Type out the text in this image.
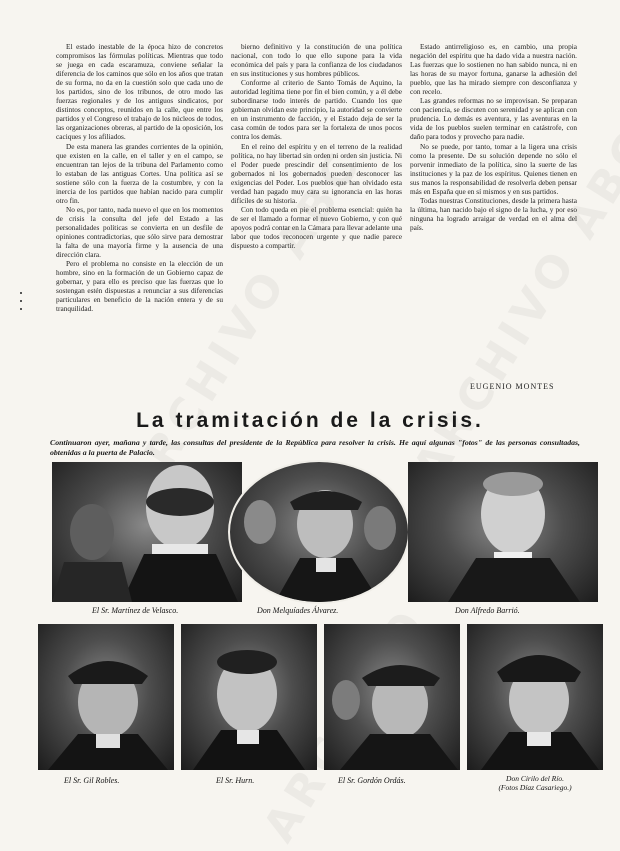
El estado inestable de la época hizo de concretos compromisos las fórmulas políticas. Mientras que todo se juega en cada escaramuza, conviene señalar la diferencia de los caminos que sólo en los años que tratan de su forma, no da en la cuestión solo que cada uno de los partidos, sino de los tribunos, de otro modo las fuerzas regionales y de los antiguos sindicatos, por distintos conceptos, reunidos en la calle, que entre los partidos y el Congreso el trabajo de los núcleos de todos, las organizaciones obreras, al partido de la oposición, los caciques y los afiliados.

De esta manera las grandes corrientes de la opinión, que existen en la calle, en el taller y en el campo, se encuentran tan lejos de la tribuna del Parlamento como lo estaban de las antiguas Cortes. Una política así se sostiene sólo con la fuerza de la costumbre, y con la inercia de los partidos que habían nacido para cumplir otro fin.

No es, por tanto, nada nuevo el que en los momentos de crisis la consulta del jefe del Estado a las personalidades políticas se convierta en un desfile de opiniones contradictorias, que sólo sirve para demostrar la falta de una mayoría firme y la ausencia de una dirección clara.

Pero el problema no consiste en la elección de un hombre, sino en la formación de un Gobierno capaz de gobernar, y para ello es preciso que las fuerzas que lo sostengan estén dispuestas a renunciar a sus diferencias particulares en beneficio de la nación entera y de su tranquilidad.

bierno definitivo y la constitución de una política nacional, con todo lo que ello supone para la vida económica del país y para la confianza de los ciudadanos en sus instituciones y sus hombres públicos.

Conforme al criterio de Santo Tomás de Aquino, la autoridad legítima tiene por fin el bien común, y a él debe subordinarse todo interés de partido. Cuando los que gobiernan olvidan este principio, la autoridad se convierte en un instrumento de facción, y el Estado deja de ser la casa común de todos para ser la fortaleza de unos pocos contra los demás.

En el reino del espíritu y en el terreno de la realidad política, no hay libertad sin orden ni orden sin justicia. Ni el Poder puede prescindir del consentimiento de los gobernados ni los gobernados pueden desconocer las exigencias del Poder. Los pueblos que han olvidado esta verdad han pagado muy cara su ignorancia en las horas difíciles de su historia.

Con todo queda en pie el problema esencial: quién ha de ser el llamado a formar el nuevo Gobierno, y con qué apoyos podrá contar en la Cámara para llevar adelante una labor que todos reconocen urgente y que nadie parece dispuesto a compartir.

Estado antirreligioso es, en cambio, una propia negación del espíritu que ha dado vida a nuestra nación. Las fuerzas que lo sostienen no han sabido nunca, ni en las horas de su mayor fortuna, ganarse la adhesión del pueblo, que las ha mirado siempre con desconfianza y con recelo.

Las grandes reformas no se improvisan. Se preparan con paciencia, se discuten con serenidad y se aplican con prudencia. Lo demás es aventura, y las aventuras en la vida de los pueblos suelen terminar en catástrofe, con daño para todos y provecho para nadie.

No se puede, por tanto, tomar a la ligera una crisis como la presente. De su solución depende no sólo el porvenir inmediato de la política, sino la suerte de las instituciones y la paz de los espíritus. Quienes tienen en sus manos la responsabilidad de resolverla deben pensar más en España que en sí mismos y en sus partidos.

Todas nuestras Constituciones, desde la primera hasta la última, han nacido bajo el signo de la lucha, y por eso ninguna ha logrado arraigar de verdad en el alma del país.

EUGENIO MONTES
La tramitación de la crisis.
Continuaron ayer, mañana y tarde, las consultas del presidente de la República para resolver la crisis. He aquí algunas "fotos" de las personas consultadas, obtenidas a la puerta de Palacio.
El Sr. Martínez de Velasco.	Don Melquíades Álvarez.	Don Alfredo Barrió.
El Sr. Gil Robles.	El Sr. Hurn.	El Sr. Gordón Ordás.	Don Cirilo del Río.
(Fotos Díaz Casariego.)
